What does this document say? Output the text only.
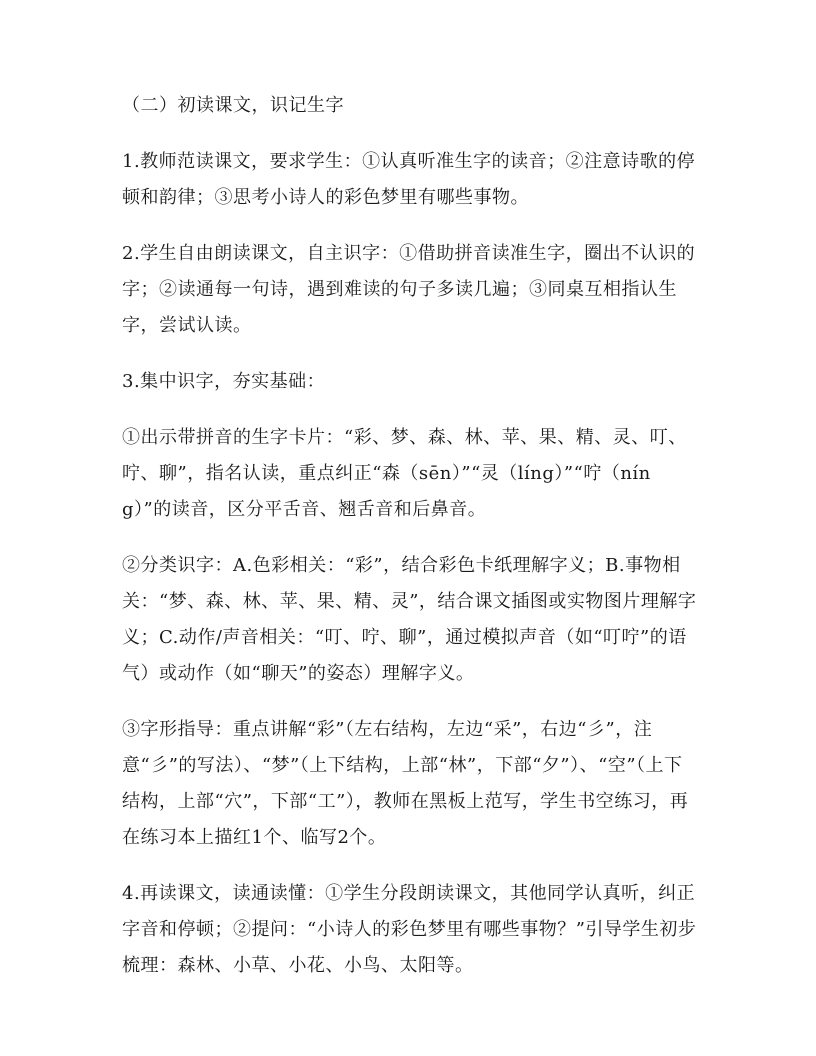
（二）初读课文，识记生字

1.教师范读课文，要求学生：①认真听准生字的读音；②注意诗歌的停顿和韵律；③思考小诗人的彩色梦里有哪些事物。

2.学生自由朗读课文，自主识字：①借助拼音读准生字，圈出不认识的字；②读通每一句诗，遇到难读的句子多读几遍；③同桌互相指认生字，尝试认读。

3.集中识字，夯实基础：

①出示带拼音的生字卡片：“彩、梦、森、林、苹、果、精、灵、叮、咛、聊”，指名认读，重点纠正“森（sēn）”“灵（líng）”“咛（níng）”的读音，区分平舌音、翘舌音和后鼻音。

②分类识字：A.色彩相关：“彩”，结合彩色卡纸理解字义；B.事物相关：“梦、森、林、苹、果、精、灵”，结合课文插图或实物图片理解字义；C.动作/声音相关：“叮、咛、聊”，通过模拟声音（如“叮咛”的语气）或动作（如“聊天”的姿态）理解字义。

③字形指导：重点讲解“彩”（左右结构，左边“采”，右边“彡”，注意“彡”的写法）、“梦”（上下结构，上部“林”，下部“夕”）、“空”（上下结构，上部“穴”，下部“工”），教师在黑板上范写，学生书空练习，再在练习本上描红1个、临写2个。

4.再读课文，读通读懂：①学生分段朗读课文，其他同学认真听，纠正字音和停顿；②提问：“小诗人的彩色梦里有哪些事物？”引导学生初步梳理：森林、小草、小花、小鸟、太阳等。
